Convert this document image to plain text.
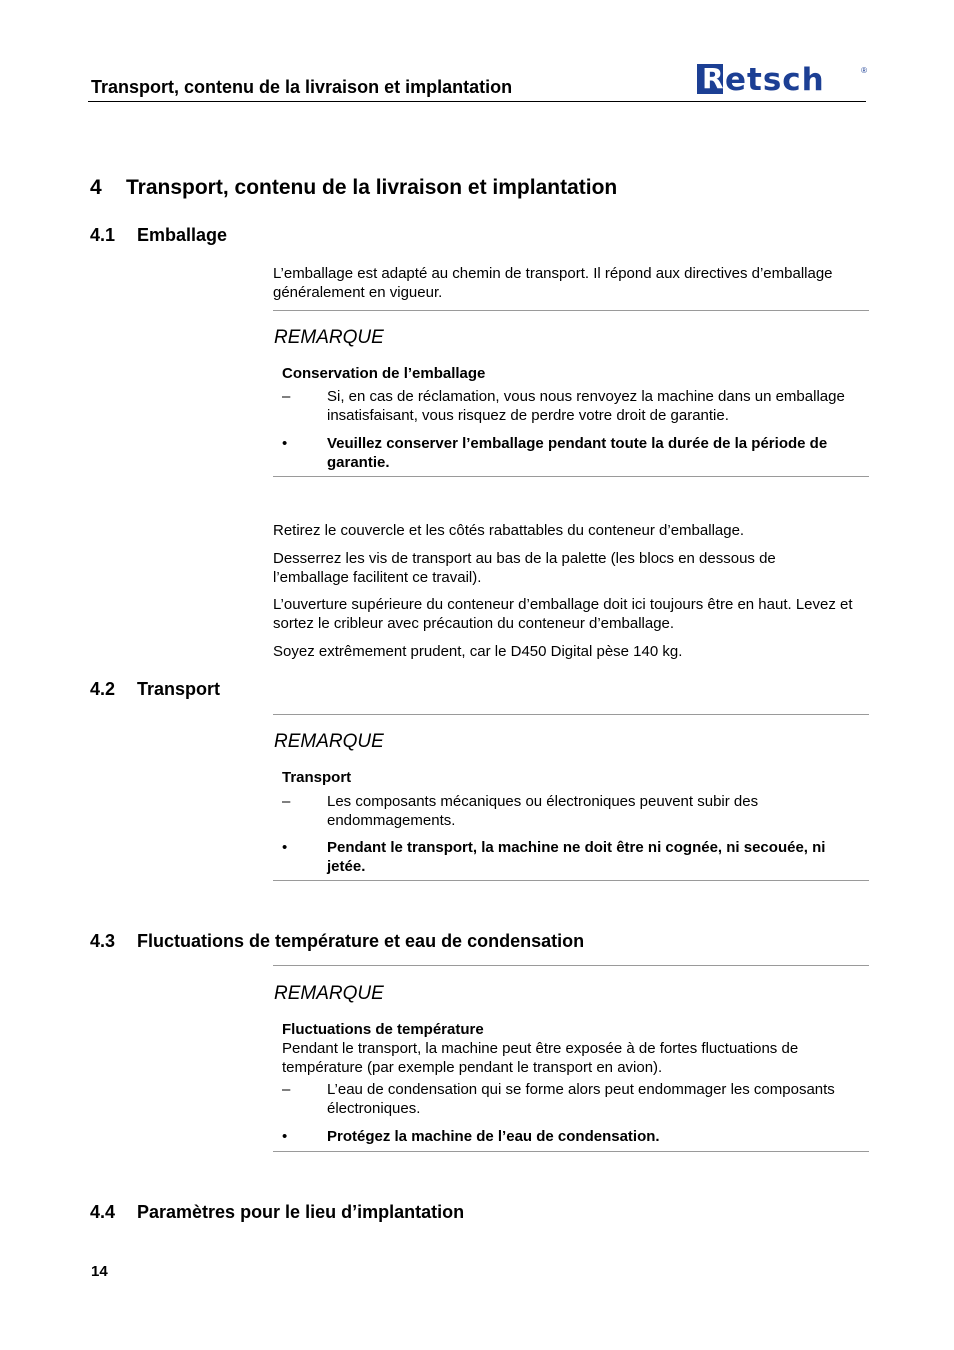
Transport, contenu de la livraison et implantation	R etsch	®
4 Transport, contenu de la livraison et implantation
4.1 Emballage
L’emballage est adapté au chemin de transport. Il répond aux directives d’emballage généralement en vigueur.
REMARQUE
Conservation de l’emballage
– Si, en cas de réclamation, vous nous renvoyez la machine dans un emballage insatisfaisant, vous risquez de perdre votre droit de garantie.
•	Veuillez conserver l’emballage pendant toute la durée de la période de garantie.
Retirez le couvercle et les côtés rabattables du conteneur d’emballage.
Desserrez les vis de transport au bas de la palette (les blocs en dessous de l’emballage facilitent ce travail).
L’ouverture supérieure du conteneur d’emballage doit ici toujours être en haut. Levez et sortez le cribleur avec précaution du conteneur d’emballage.
Soyez extrêmement prudent, car le D450 Digital pèse 140 kg.
4.2 Transport
REMARQUE
Transport
– Les composants mécaniques ou électroniques peuvent subir des endommagements.
•	Pendant le transport, la machine ne doit être ni cognée, ni secouée, ni jetée.
4.3 Fluctuations de température et eau de condensation
REMARQUE
Fluctuations de température
Pendant le transport, la machine peut être exposée à de fortes fluctuations de température (par exemple pendant le transport en avion).
– L’eau de condensation qui se forme alors peut endommager les composants électroniques.
•	Protégez la machine de l’eau de condensation.
4.4 Paramètres pour le lieu d’implantation
14
